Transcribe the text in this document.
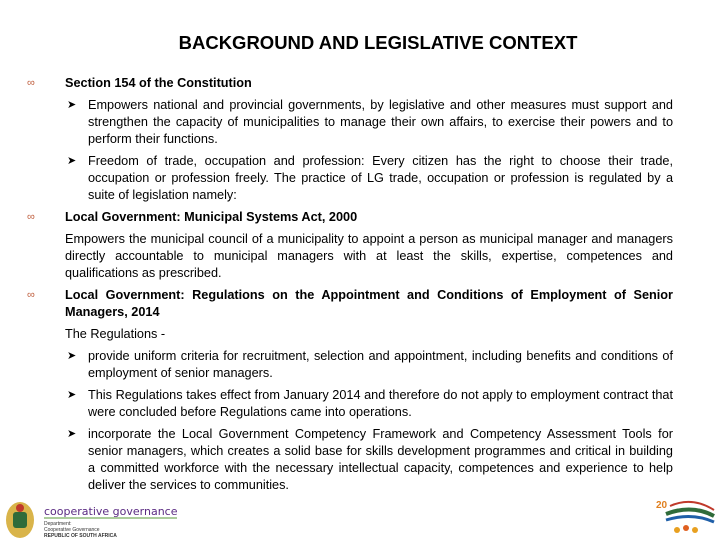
BACKGROUND AND LEGISLATIVE CONTEXT
∞ Section 154 of the Constitution
➤ Empowers national and provincial governments, by legislative and other measures must support and strengthen the capacity of municipalities to manage their own affairs, to exercise their powers and to perform their functions.
➤ Freedom of trade, occupation and profession: Every citizen has the right to choose their trade, occupation or profession freely. The practice of LG trade, occupation or profession is regulated by a suite of legislation namely:
∞ Local Government: Municipal Systems Act, 2000
Empowers the municipal council of a municipality to appoint a person as municipal manager and managers directly accountable to municipal managers with at least the skills, expertise, competences and qualifications as prescribed.
∞ Local Government: Regulations on the Appointment and Conditions of Employment of Senior Managers, 2014
The Regulations -
➤ provide uniform criteria for recruitment, selection and appointment, including benefits and conditions of employment of senior managers.
➤ This Regulations takes effect from January 2014 and therefore do not apply to employment contract that were concluded before Regulations came into operations.
➤ incorporate the Local Government Competency Framework and Competency Assessment Tools for senior managers, which creates a solid base for skills development programmes and critical in building a committed workforce with the necessary intellectual capacity, competences and experience to help deliver the services to communities.
cooperative governance
Department:
Cooperative Governance
REPUBLIC OF SOUTH AFRICA
20
